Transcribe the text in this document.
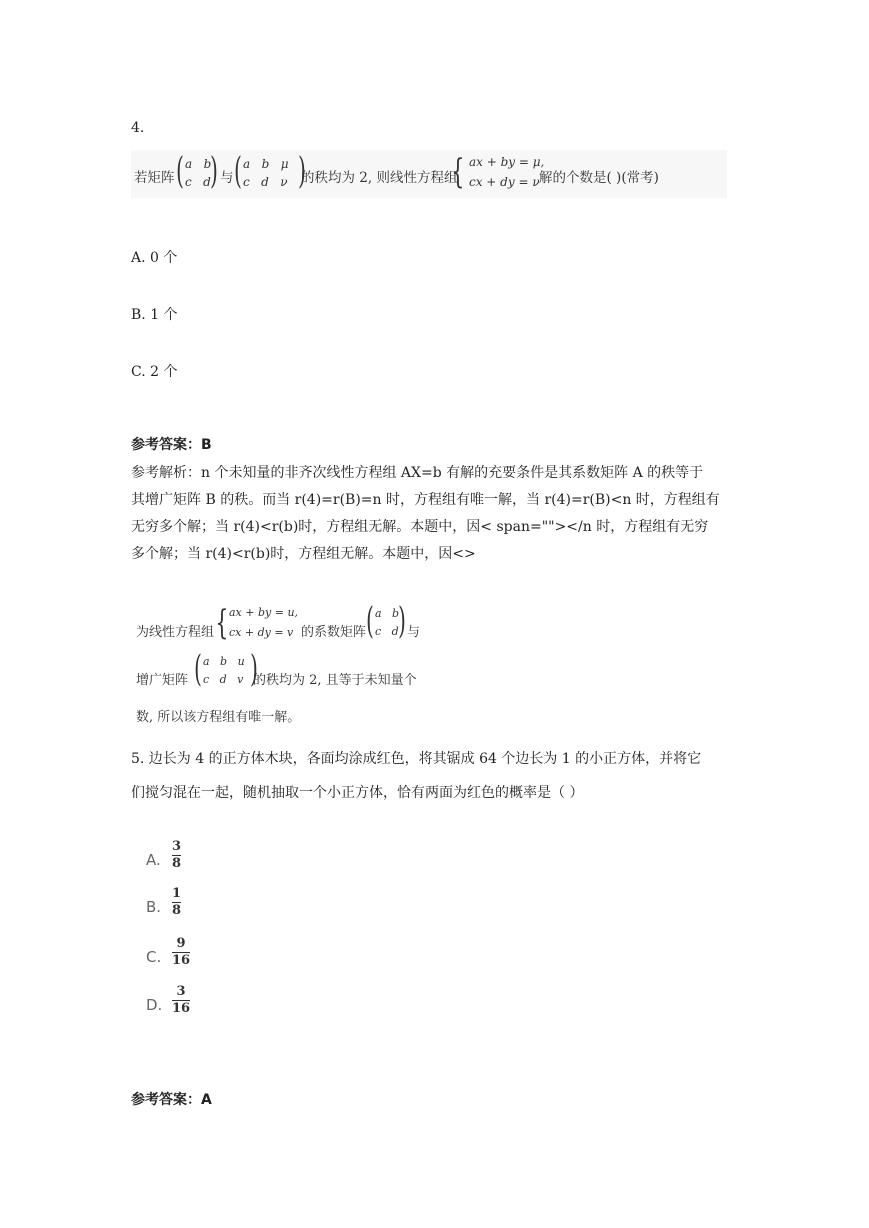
4.
若矩阵 ( a   b
c   d ) 与 ( a   b   μ
c   d   ν )
的秩均为 2, 则线性方程组
{ ax + by = μ,
cx + dy = ν 解的个数是( )(常考)
A. 0 个
B. 1 个
C. 2 个
参考答案：B
参考解析：n 个未知量的非齐次线性方程组 AX=b 有解的充要条件是其系数矩阵 A 的秩等于
其增广矩阵 B 的秩。而当 r(4)=r(B)=n 时，方程组有唯一解，当 r(4)=r(B)<n 时，方程组有
无穷多个解；当 r(4)<r(b)时，方程组无解。本题中，因< span=""></n 时，方程组有无穷
多个解；当 r(4)<r(b)时，方程组无解。本题中，因<>
为线性方程组 { ax + by = u,
cx + dy = v 的系数矩阵 ( a   b
c   d ) 与
增广矩阵 ( a   b   u
c   d   v )
的秩均为 2, 且等于未知量个
数, 所以该方程组有唯一解。
5. 边长为 4 的正方体木块，各面均涂成红色，将其锯成 64 个边长为 1 的小正方体，并将它
们搅匀混在一起，随机抽取一个小正方体，恰有两面为红色的概率是（ ）
A.
3
8
B.
1
8
C.
9
16
D.
3
16
参考答案：A
